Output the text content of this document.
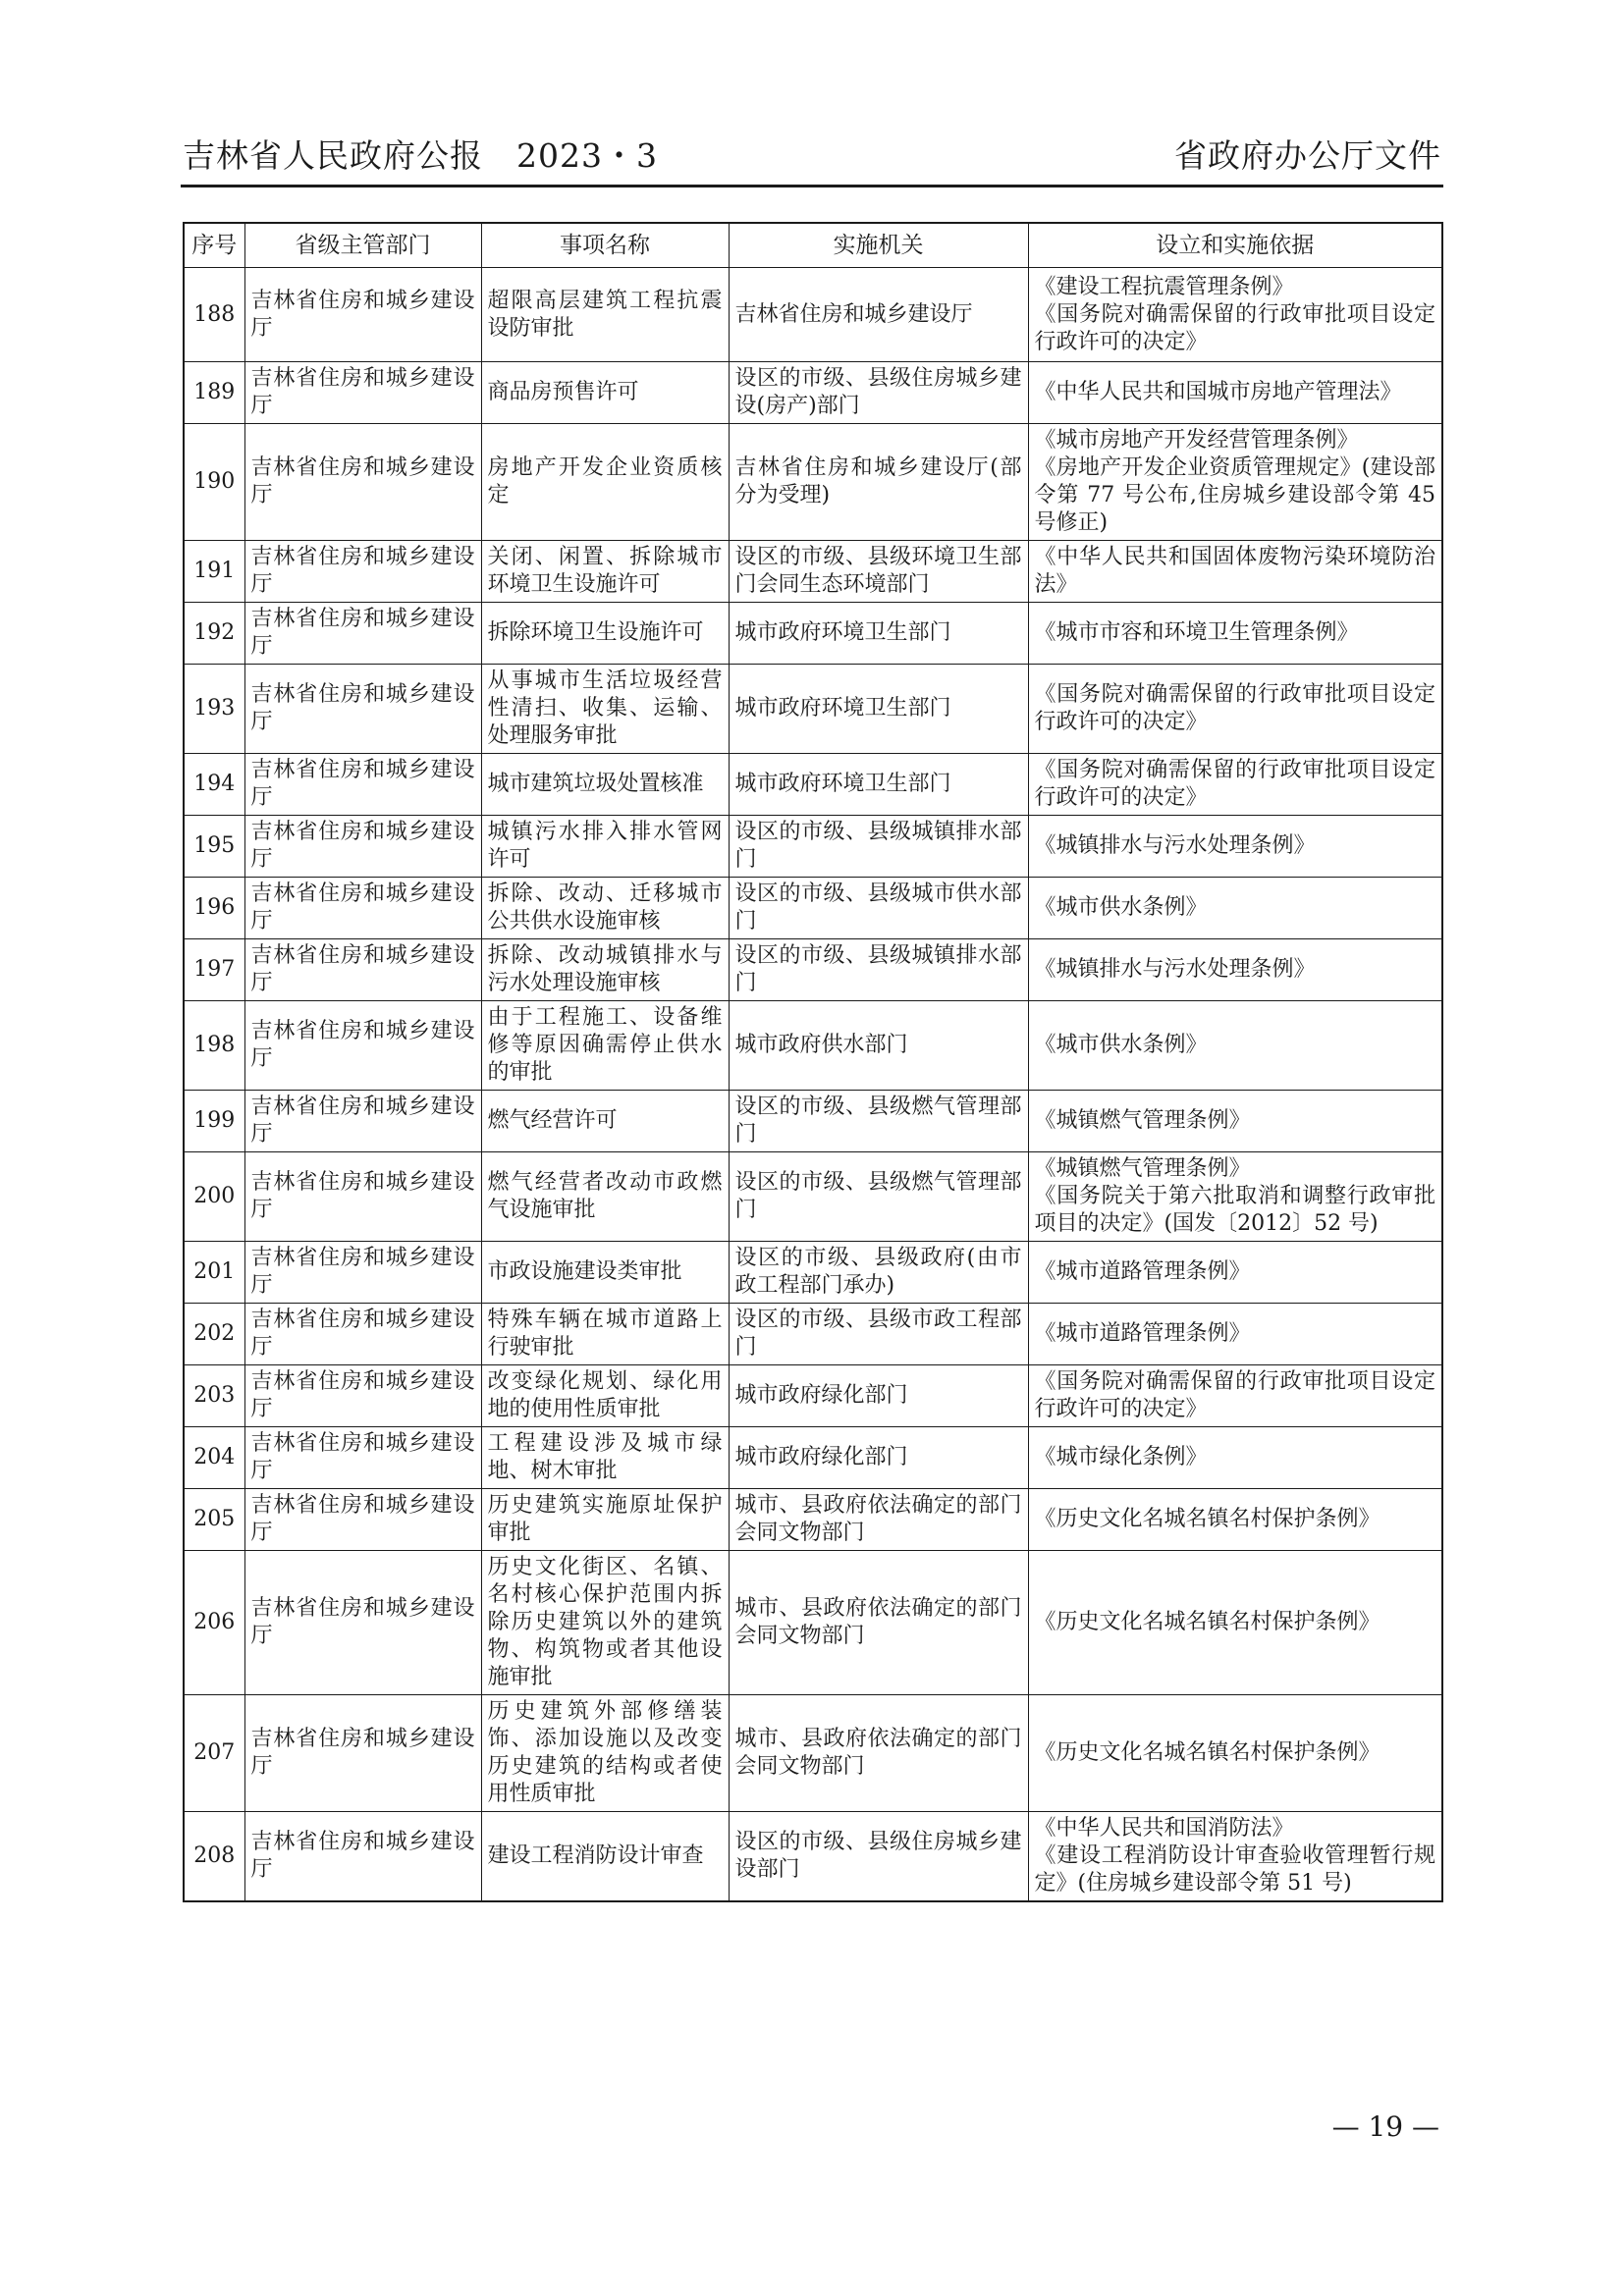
吉林省人民政府公报　2023・3	省政府办公厅文件
序号	省级主管部门	事项名称	实施机关	设立和实施依据
188	吉林省住房和城乡建设厅	超限高层建筑工程抗震设防审批	吉林省住房和城乡建设厅	《建设工程抗震管理条例》
《国务院对确需保留的行政审批项目设定行政许可的决定》
189	吉林省住房和城乡建设厅	商品房预售许可	设区的市级、县级住房城乡建设(房产)部门	《中华人民共和国城市房地产管理法》
190	吉林省住房和城乡建设厅	房地产开发企业资质核定	吉林省住房和城乡建设厅(部分为受理)	《城市房地产开发经营管理条例》
《房地产开发企业资质管理规定》(建设部令第 77 号公布,住房城乡建设部令第 45 号修正)
191	吉林省住房和城乡建设厅	关闭、闲置、拆除城市环境卫生设施许可	设区的市级、县级环境卫生部门会同生态环境部门	《中华人民共和国固体废物污染环境防治法》
192	吉林省住房和城乡建设厅	拆除环境卫生设施许可	城市政府环境卫生部门	《城市市容和环境卫生管理条例》
193	吉林省住房和城乡建设厅	从事城市生活垃圾经营性清扫、收集、运输、处理服务审批	城市政府环境卫生部门	《国务院对确需保留的行政审批项目设定行政许可的决定》
194	吉林省住房和城乡建设厅	城市建筑垃圾处置核准	城市政府环境卫生部门	《国务院对确需保留的行政审批项目设定行政许可的决定》
195	吉林省住房和城乡建设厅	城镇污水排入排水管网许可	设区的市级、县级城镇排水部门	《城镇排水与污水处理条例》
196	吉林省住房和城乡建设厅	拆除、改动、迁移城市公共供水设施审核	设区的市级、县级城市供水部门	《城市供水条例》
197	吉林省住房和城乡建设厅	拆除、改动城镇排水与污水处理设施审核	设区的市级、县级城镇排水部门	《城镇排水与污水处理条例》
198	吉林省住房和城乡建设厅	由于工程施工、设备维修等原因确需停止供水的审批	城市政府供水部门	《城市供水条例》
199	吉林省住房和城乡建设厅	燃气经营许可	设区的市级、县级燃气管理部门	《城镇燃气管理条例》
200	吉林省住房和城乡建设厅	燃气经营者改动市政燃气设施审批	设区的市级、县级燃气管理部门	《城镇燃气管理条例》
《国务院关于第六批取消和调整行政审批项目的决定》(国发〔2012〕52 号)
201	吉林省住房和城乡建设厅	市政设施建设类审批	设区的市级、县级政府(由市政工程部门承办)	《城市道路管理条例》
202	吉林省住房和城乡建设厅	特殊车辆在城市道路上行驶审批	设区的市级、县级市政工程部门	《城市道路管理条例》
203	吉林省住房和城乡建设厅	改变绿化规划、绿化用地的使用性质审批	城市政府绿化部门	《国务院对确需保留的行政审批项目设定行政许可的决定》
204	吉林省住房和城乡建设厅	工程建设涉及城市绿地、树木审批	城市政府绿化部门	《城市绿化条例》
205	吉林省住房和城乡建设厅	历史建筑实施原址保护审批	城市、县政府依法确定的部门会同文物部门	《历史文化名城名镇名村保护条例》
206	吉林省住房和城乡建设厅	历史文化街区、名镇、名村核心保护范围内拆除历史建筑以外的建筑物、构筑物或者其他设施审批	城市、县政府依法确定的部门会同文物部门	《历史文化名城名镇名村保护条例》
207	吉林省住房和城乡建设厅	历史建筑外部修缮装饰、添加设施以及改变历史建筑的结构或者使用性质审批	城市、县政府依法确定的部门会同文物部门	《历史文化名城名镇名村保护条例》
208	吉林省住房和城乡建设厅	建设工程消防设计审查	设区的市级、县级住房城乡建设部门	《中华人民共和国消防法》
《建设工程消防设计审查验收管理暂行规定》(住房城乡建设部令第 51 号)
— 19 —
